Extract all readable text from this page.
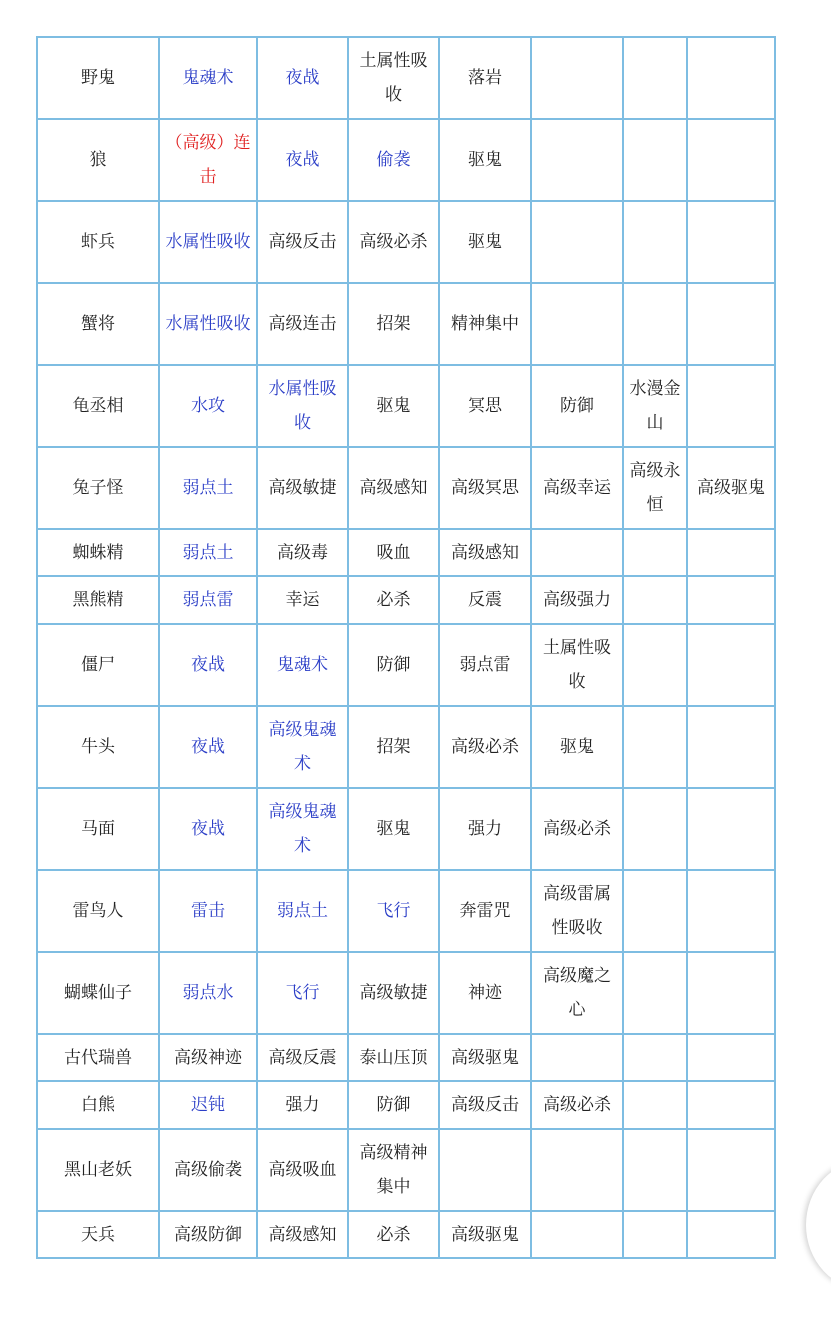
野鬼	鬼魂术	夜战	土属性吸收	落岩			
狼	（高级）连击	夜战	偷袭	驱鬼			
虾兵	水属性吸收	高级反击	高级必杀	驱鬼			
蟹将	水属性吸收	高级连击	招架	精神集中			
龟丞相	水攻	水属性吸收	驱鬼	冥思	防御	水漫金山	
兔子怪	弱点土	高级敏捷	高级感知	高级冥思	高级幸运	高级永恒	高级驱鬼
蜘蛛精	弱点土	高级毒	吸血	高级感知			
黑熊精	弱点雷	幸运	必杀	反震	高级强力		
僵尸	夜战	鬼魂术	防御	弱点雷	土属性吸收		
牛头	夜战	高级鬼魂术	招架	高级必杀	驱鬼		
马面	夜战	高级鬼魂术	驱鬼	强力	高级必杀		
雷鸟人	雷击	弱点土	飞行	奔雷咒	高级雷属性吸收		
蝴蝶仙子	弱点水	飞行	高级敏捷	神迹	高级魔之心		
古代瑞兽	高级神迹	高级反震	泰山压顶	高级驱鬼			
白熊	迟钝	强力	防御	高级反击	高级必杀		
黑山老妖	高级偷袭	高级吸血	高级精神集中				
天兵	高级防御	高级感知	必杀	高级驱鬼			
